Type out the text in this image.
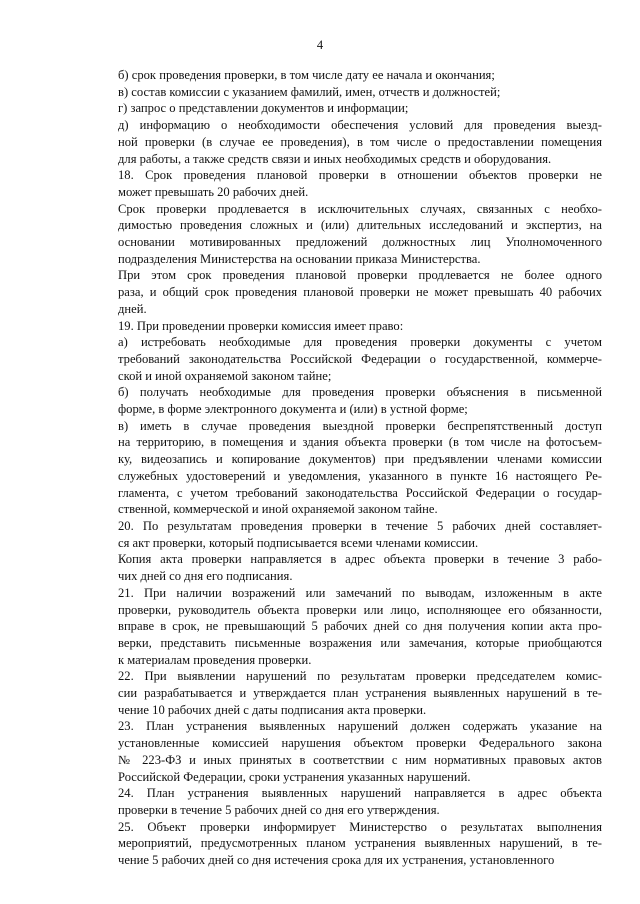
4

б) срок проведения проверки, в том числе дату ее начала и окончания;

в) состав комиссии с указанием фамилий, имен, отчеств и должностей;

г) запрос о представлении документов и информации;

д) информацию о необходимости обеспечения условий для проведения выезд-
ной проверки (в случае ее проведения), в том числе о предоставлении помещения
для работы, а также средств связи и иных необходимых средств и оборудования.

18. Срок проведения плановой проверки в отношении объектов проверки не
может превышать 20 рабочих дней.

Срок проверки продлевается в исключительных случаях, связанных с необхо-
димостью проведения сложных и (или) длительных исследований и экспертиз, на
основании мотивированных предложений должностных лиц Уполномоченного
подразделения Министерства на основании приказа Министерства.

При этом срок проведения плановой проверки продлевается не более одного
раза, и общий срок проведения плановой проверки не может превышать 40 рабочих
дней.

19. При проведении проверки комиссия имеет право:

а) истребовать необходимые для проведения проверки документы с учетом
требований законодательства Российской Федерации о государственной, коммерче-
ской и иной охраняемой законом тайне;

б) получать необходимые для проведения проверки объяснения в письменной
форме, в форме электронного документа и (или) в устной форме;

в) иметь в случае проведения выездной проверки беспрепятственный доступ
на территорию, в помещения и здания объекта проверки (в том числе на фотосъем-
ку, видеозапись и копирование документов) при предъявлении членами комиссии
служебных удостоверений и уведомления, указанного в пункте 16 настоящего Ре-
гламента, с учетом требований законодательства Российской Федерации о государ-
ственной, коммерческой и иной охраняемой законом тайне.

20. По результатам проведения проверки в течение 5 рабочих дней составляет-
ся акт проверки, который подписывается всеми членами комиссии.

Копия акта проверки направляется в адрес объекта проверки в течение 3 рабо-
чих дней со дня его подписания.

21. При наличии возражений или замечаний по выводам, изложенным в акте
проверки, руководитель объекта проверки или лицо, исполняющее его обязанности,
вправе в срок, не превышающий 5 рабочих дней со дня получения копии акта про-
верки, представить письменные возражения или замечания, которые приобщаются
к материалам проведения проверки.

22. При выявлении нарушений по результатам проверки председателем комис-
сии разрабатывается и утверждается план устранения выявленных нарушений в те-
чение 10 рабочих дней с даты подписания акта проверки.

23. План устранения выявленных нарушений должен содержать указание на
установленные комиссией нарушения объектом проверки Федерального закона
№ 223-ФЗ и иных принятых в соответствии с ним нормативных правовых актов
Российской Федерации, сроки устранения указанных нарушений.

24. План устранения выявленных нарушений направляется в адрес объекта
проверки в течение 5 рабочих дней со дня его утверждения.

25. Объект проверки информирует Министерство о результатах выполнения
мероприятий, предусмотренных планом устранения выявленных нарушений, в те-
чение 5 рабочих дней со дня истечения срока для их устранения, установленного
